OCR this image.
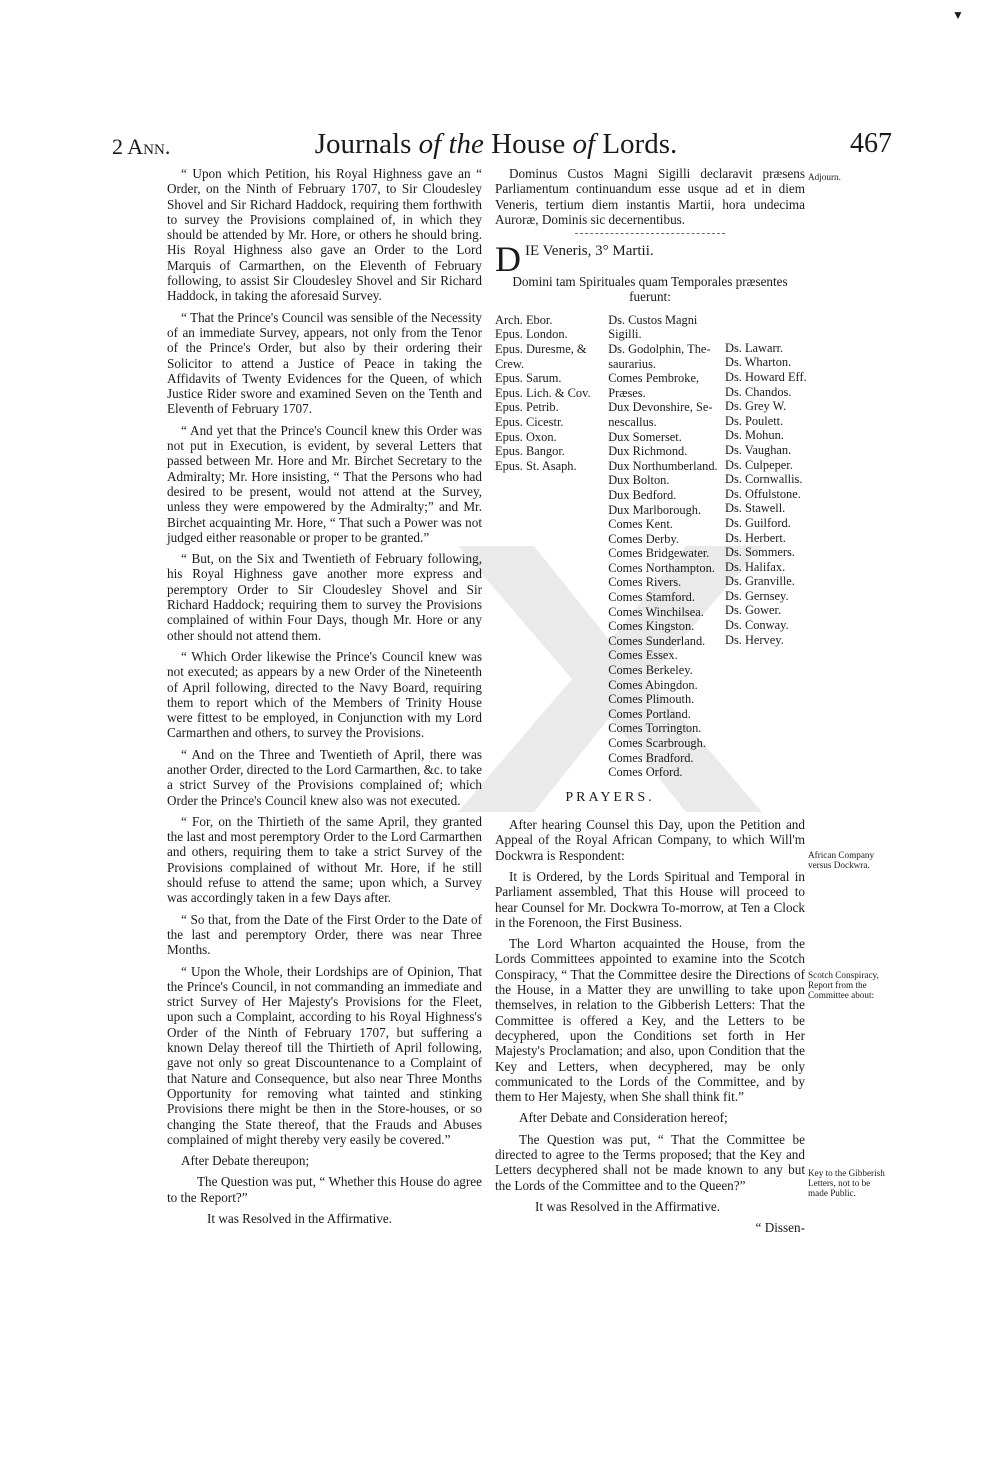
▼
2 Ann.	Journals of the House of Lords.	467

“ Upon which Petition, his Royal Highness gave an “ Order, on the Ninth of February 1707, to Sir Cloudesley Shovel and Sir Richard Haddock, requiring them forthwith to survey the Provisions complained of, in which they should be attended by Mr. Hore, or others he should bring. His Royal Highness also gave an Order to the Lord Marquis of Carmarthen, on the Eleventh of February following, to assist Sir Cloudesley Shovel and Sir Richard Haddock, in taking the aforesaid Survey.

“ That the Prince's Council was sensible of the Necessity of an immediate Survey, appears, not only from the Tenor of the Prince's Order, but also by their ordering their Solicitor to attend a Justice of Peace in taking the Affidavits of Twenty Evidences for the Queen, of which Justice Rider swore and examined Seven on the Tenth and Eleventh of February 1707.

“ And yet that the Prince's Council knew this Order was not put in Execution, is evident, by several Letters that passed between Mr. Hore and Mr. Birchet Secretary to the Admiralty; Mr. Hore insisting, “ That the Persons who had desired to be present, would not attend at the Survey, unless they were empowered by the Admiralty;” and Mr. Birchet acquainting Mr. Hore, “ That such a Power was not judged either reasonable or proper to be granted.”

“ But, on the Six and Twentieth of February following, his Royal Highness gave another more express and peremptory Order to Sir Cloudesley Shovel and Sir Richard Haddock; requiring them to survey the Provisions complained of within Four Days, though Mr. Hore or any other should not attend them.

“ Which Order likewise the Prince's Council knew was not executed; as appears by a new Order of the Nineteenth of April following, directed to the Navy Board, requiring them to report which of the Members of Trinity House were fittest to be employed, in Conjunction with my Lord Carmarthen and others, to survey the Provisions.

“ And on the Three and Twentieth of April, there was another Order, directed to the Lord Carmarthen, &c. to take a strict Survey of the Provisions complained of; which Order the Prince's Council knew also was not executed.

“ For, on the Thirtieth of the same April, they granted the last and most peremptory Order to the Lord Carmarthen and others, requiring them to take a strict Survey of the Provisions complained of without Mr. Hore, if he still should refuse to attend the same; upon which, a Survey was accordingly taken in a few Days after.

“ So that, from the Date of the First Order to the Date of the last and peremptory Order, there was near Three Months.

“ Upon the Whole, their Lordships are of Opinion, That the Prince's Council, in not commanding an immediate and strict Survey of Her Majesty's Provisions for the Fleet, upon such a Complaint, according to his Royal Highness's Order of the Ninth of February 1707, but suffering a known Delay thereof till the Thirtieth of April following, gave not only so great Discountenance to a Complaint of that Nature and Consequence, but also near Three Months Opportunity for removing what tainted and stinking Provisions there might be then in the Store-houses, or so changing the State thereof, that the Frauds and Abuses complained of might thereby very easily be covered.”

After Debate thereupon;

The Question was put, “ Whether this House do agree to the Report?”

It was Resolved in the Affirmative.

Dominus Custos Magni Sigilli declaravit præsens Parliamentum continuandum esse usque ad et in diem Veneris, tertium diem instantis Martii, hora undecima Auroræ, Dominis sic decernentibus.

D IE Veneris, 3° Martii.
Domini tam Spirituales quam Temporales præsentes fuerunt:
Arch. Ebor.
Epus. London.
Epus. Duresme, &
Crew.
Epus. Sarum.
Epus. Lich. & Cov.
Epus. Petrib.
Epus. Cicestr.
Epus. Oxon.
Epus. Bangor.
Epus. St. Asaph.
Ds. Custos Magni
Sigilli.
Ds. Godolphin, The-
saurarius.
Comes Pembroke,
Præses.
Dux Devonshire, Se-
nescallus.
Dux Somerset.
Dux Richmond.
Dux Northumberland.
Dux Bolton.
Dux Bedford.
Dux Marlborough.
Comes Kent.
Comes Derby.
Comes Bridgewater.
Comes Northampton.
Comes Rivers.
Comes Stamford.
Comes Winchilsea.
Comes Kingston.
Comes Sunderland.
Comes Essex.
Comes Berkeley.
Comes Abingdon.
Comes Plimouth.
Comes Portland.
Comes Torrington.
Comes Scarbrough.
Comes Bradford.
Comes Orford.
Ds. Lawarr.
Ds. Wharton.
Ds. Howard Eff.
Ds. Chandos.
Ds. Grey W.
Ds. Poulett.
Ds. Mohun.
Ds. Vaughan.
Ds. Culpeper.
Ds. Cornwallis.
Ds. Offulstone.
Ds. Stawell.
Ds. Guilford.
Ds. Herbert.
Ds. Sommers.
Ds. Halifax.
Ds. Granville.
Ds. Gernsey.
Ds. Gower.
Ds. Conway.
Ds. Hervey.
PRAYERS.

After hearing Counsel this Day, upon the Petition and Appeal of the Royal African Company, to which Will'm Dockwra is Respondent:

It is Ordered, by the Lords Spiritual and Temporal in Parliament assembled, That this House will proceed to hear Counsel for Mr. Dockwra To-morrow, at Ten a Clock in the Forenoon, the First Business.

The Lord Wharton acquainted the House, from the Lords Committees appointed to examine into the Scotch Conspiracy, “ That the Committee desire the Directions of the House, in a Matter they are unwilling to take upon themselves, in relation to the Gibberish Letters: That the Committee is offered a Key, and the Letters to be decyphered, upon the Conditions set forth in Her Majesty's Proclamation; and also, upon Condition that the Key and Letters, when decyphered, may be only communicated to the Lords of the Committee, and by them to Her Majesty, when She shall think fit.”

After Debate and Consideration hereof;

The Question was put, “ That the Committee be directed to agree to the Terms proposed; that the Key and Letters decyphered shall not be made known to any but the Lords of the Committee and to the Queen?”

It was Resolved in the Affirmative.

“ Dissen-

Adjourn.
African Company versus Dockwra.
Scotch Conspiracy, Report from the Committee about:
Key to the Gibberish Letters, not to be made Public.
